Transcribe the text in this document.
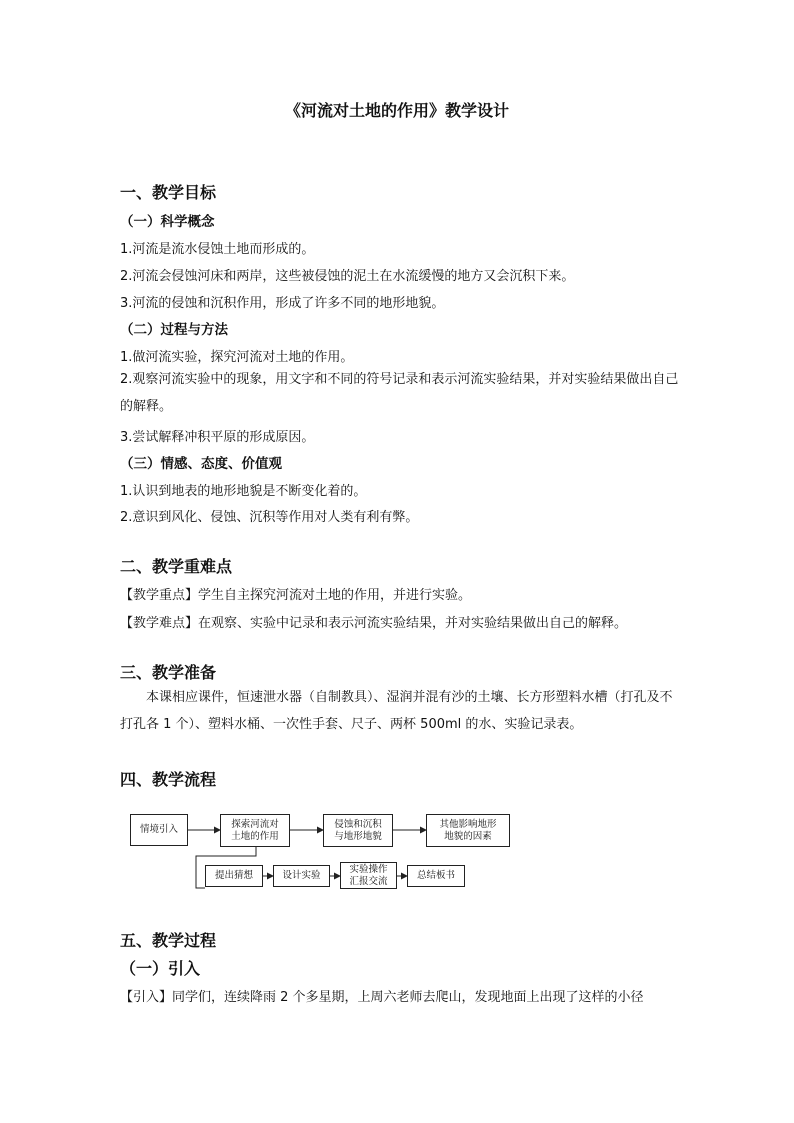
《河流对土地的作用》教学设计
一、教学目标
（一）科学概念
1.河流是流水侵蚀土地而形成的。
2.河流会侵蚀河床和两岸，这些被侵蚀的泥土在水流缓慢的地方又会沉积下来。
3.河流的侵蚀和沉积作用，形成了许多不同的地形地貌。
（二）过程与方法
1.做河流实验，探究河流对土地的作用。
2.观察河流实验中的现象，用文字和不同的符号记录和表示河流实验结果，并对实验结果做出自己的解释。
3.尝试解释冲积平原的形成原因。
（三）情感、态度、价值观
1.认识到地表的地形地貌是不断变化着的。
2.意识到风化、侵蚀、沉积等作用对人类有利有弊。
二、教学重难点
【教学重点】学生自主探究河流对土地的作用，并进行实验。
【教学难点】在观察、实验中记录和表示河流实验结果，并对实验结果做出自己的解释。
三、教学准备
本课相应课件，恒速泄水器（自制教具）、湿润并混有沙的土壤、长方形塑料水槽（打孔及不打孔各 1 个）、塑料水桶、一次性手套、尺子、两杯 500ml 的水、实验记录表。
四、教学流程
情境引入	探索河流对
土地的作用
侵蚀和沉积
与地形地貌
其他影响地形
地貌的因素
提出猜想	设计实验
实验操作
汇报交流	总结板书
五、教学过程
（一）引入
【引入】同学们，连续降雨 2 个多星期，上周六老师去爬山，发现地面上出现了这样的小径
